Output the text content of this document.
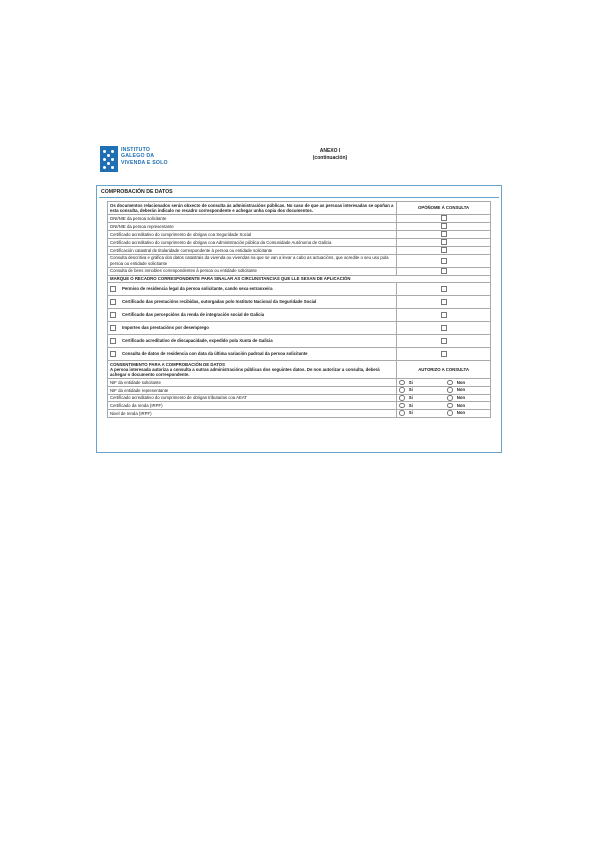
INSTITUTO
GALEGO DA
VIVENDA E SOLO
ANEXO I
(continuación)
COMPROBACIÓN DE DATOS
Os documentos relacionados serán obxecto de consulta ás administracións públicas. No caso de que as persoas interesadas se opoñan a esta consulta, deberán indicalo no recadro correspondente e achegar unha copia dos documentos.	OPÓÑOME Á CONSULTA
DNI/NIE da persoa solicitante	
DNI/NIE da persoa representante	
Certificado acreditativo do cumprimento de obrigas coa Seguridade Social	
Certificado acreditativo do cumprimento de obrigas coa Administración pública da Comunidade Autónoma de Galicia	
Certificación catastral de titularidade correspondente á persoa ou entidade solicitante	
Consulta descritiva e gráfica dos datos catastrais da vivenda ou vivendas na que se van a levar a cabo as actuacións, que acredite o seu uso pola persoa ou entidade solicitante	
Consulta de bens inmobles correspondentes á persoa ou entidade solicitante	
MARQUE O RECADRO CORRESPONDENTE PARA SINALAR AS CIRCUNSTANCIAS QUE LLE SEXAN DE APLICACIÓN	
Permiso de residencia legal da persoa solicitante, cando sexa estranxeira	
Certificado das prestacións recibidas, outorgadas polo Instituto Nacional da Seguridade Social	
Certificado das percepcións da renda de integración social de Galicia	
Importes das prestacións por desemprego	
Certificado acreditativo de discapacidade, expedido pola Xunta de Galicia	
Consulta de datos de residencia con data da última variación padroal da persoa solicitante	

CONSENTIMENTO PARA A COMPROBACIÓN DE DATOS
A persoa interesada autoriza a consulta a outras administracións públicas dos seguintes datos. De non autorizar a consulta, deberá achegar o documento correspondente.	AUTORIZO A CONSULTA
NIF da entidade solicitante	Si Non
NIF da entidade representante	Si Non
Certificado acreditativo do cumprimento de obrigas tributarias coa AEAT	Si Non
Certificado da renda (IRPF)	Si Non
Nivel de renda (IRPF)	Si Non
